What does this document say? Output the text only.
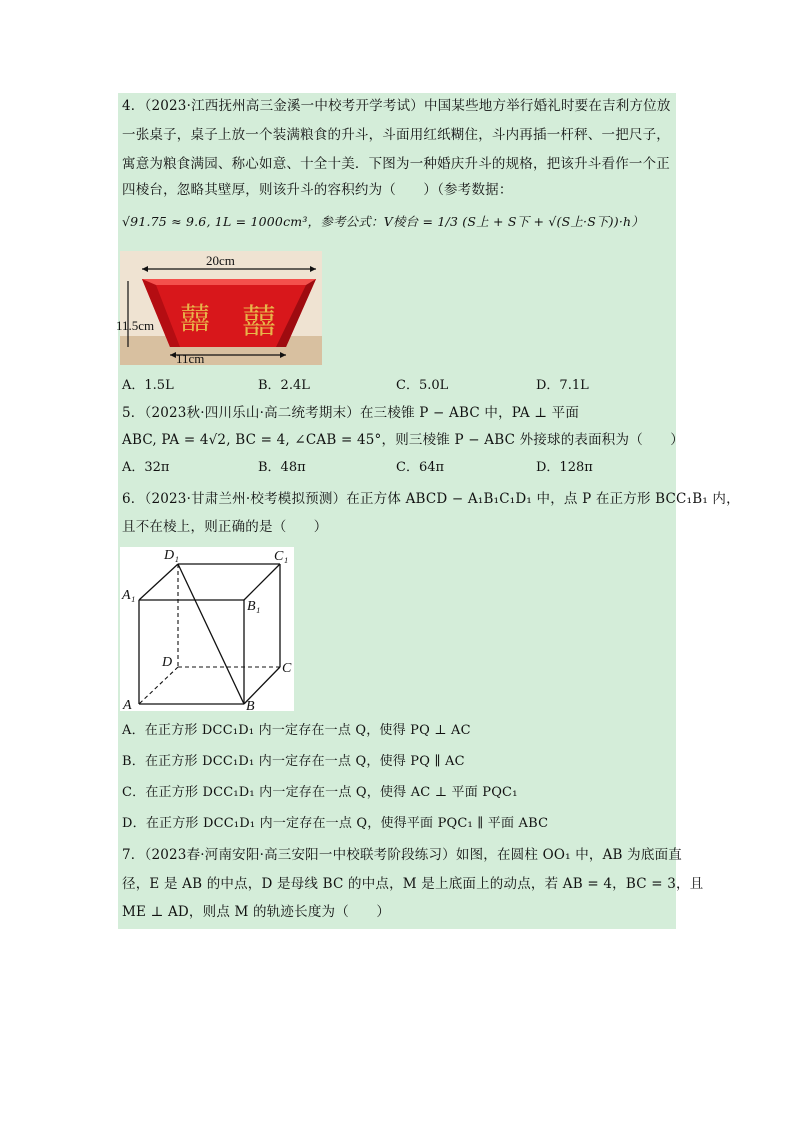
4．（2023·江西抚州高三金溪一中校考开学考试）中国某些地方举行婚礼时要在吉利方位放
一张桌子，桌子上放一个装满粮食的升斗，斗面用红纸糊住，斗内再插一杆秤、一把尺子，
寓意为粮食满园、称心如意、十全十美．下图为一种婚庆升斗的规格，把该升斗看作一个正
四棱台，忽略其壁厚，则该升斗的容积约为（　　）（参考数据：
√91.75 ≈ 9.6, 1L = 1000cm³，参考公式：V棱台 = 1/3 (S上 + S下 + √(S上·S下))·h）
20cm
11.5cm
11cm
囍 囍
A．1.5L	B．2.4L	C．5.0L	D．7.1L
5．（2023秋·四川乐山·高二统考期末）在三棱锥 P − ABC 中，PA ⊥ 平面
ABC, PA = 4√2, BC = 4, ∠CAB = 45°，则三棱锥 P − ABC 外接球的表面积为（　　）
A．32π	B．48π	C．64π	D．128π
6．（2023·甘肃兰州·校考模拟预测）在正方体 ABCD − A₁B₁C₁D₁ 中，点 P 在正方形 BCC₁B₁ 内，
且不在棱上，则正确的是（　　）
D₁	C₁
A₁
B₁
D	C
A	B
A．在正方形 DCC₁D₁ 内一定存在一点 Q，使得 PQ ⊥ AC
B．在正方形 DCC₁D₁ 内一定存在一点 Q，使得 PQ ∥ AC
C．在正方形 DCC₁D₁ 内一定存在一点 Q，使得 AC ⊥ 平面 PQC₁
D．在正方形 DCC₁D₁ 内一定存在一点 Q，使得平面 PQC₁ ∥ 平面 ABC
7．（2023春·河南安阳·高三安阳一中校联考阶段练习）如图，在圆柱 OO₁ 中，AB 为底面直
径，E 是 AB 的中点，D 是母线 BC 的中点，M 是上底面上的动点，若 AB = 4，BC = 3，且
ME ⊥ AD，则点 M 的轨迹长度为（　　）
